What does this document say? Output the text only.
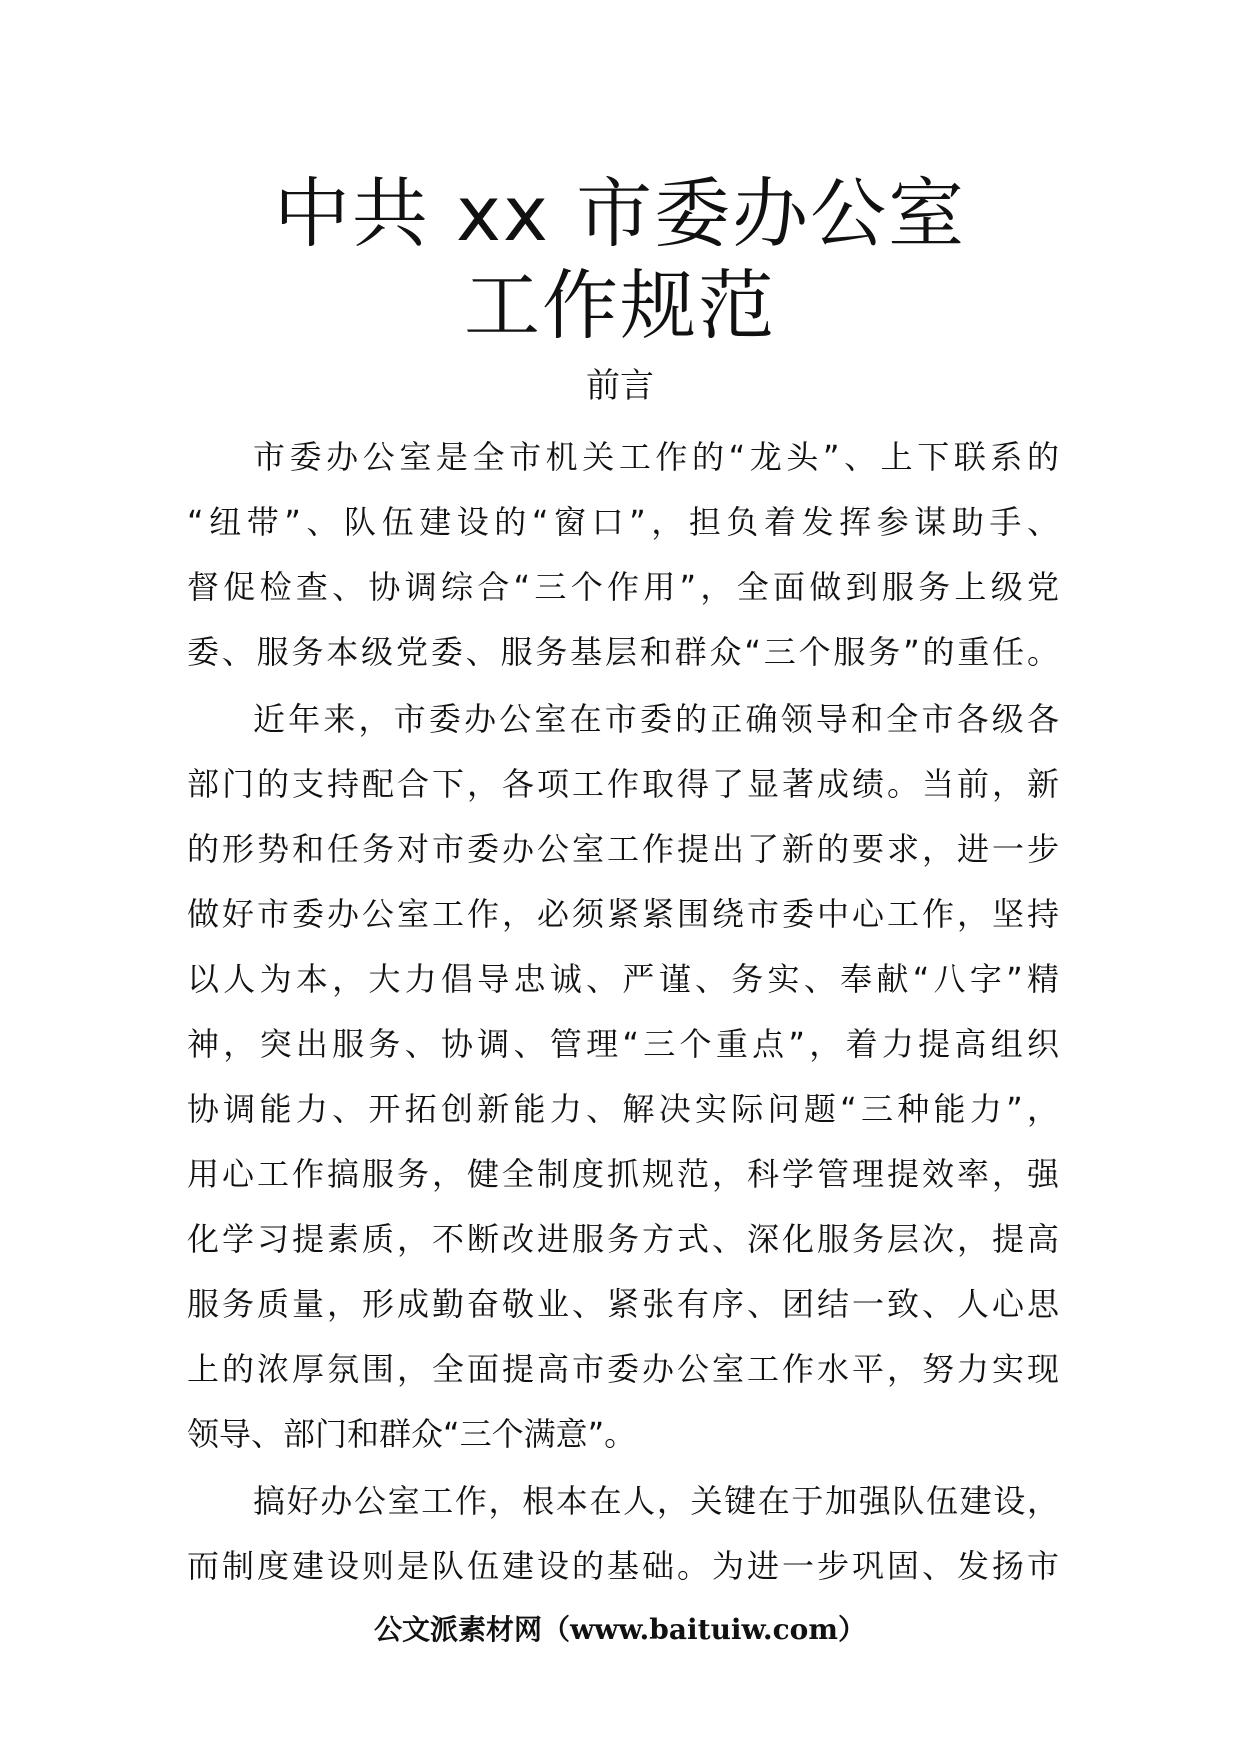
中共 xx 市委办公室
工作规范
前言
市委办公室是全市机关工作的“龙头”、上下联系的
“纽带”、队伍建设的“窗口”，担负着发挥参谋助手、
督促检查、协调综合“三个作用”，全面做到服务上级党
委、服务本级党委、服务基层和群众“三个服务”的重任。
近年来，市委办公室在市委的正确领导和全市各级各
部门的支持配合下，各项工作取得了显著成绩。当前，新
的形势和任务对市委办公室工作提出了新的要求，进一步
做好市委办公室工作，必须紧紧围绕市委中心工作，坚持
以人为本，大力倡导忠诚、严谨、务实、奉献“八字”精
神，突出服务、协调、管理“三个重点”，着力提高组织
协调能力、开拓创新能力、解决实际问题“三种能力”，
用心工作搞服务，健全制度抓规范，科学管理提效率，强
化学习提素质，不断改进服务方式、深化服务层次，提高
服务质量，形成勤奋敬业、紧张有序、团结一致、人心思
上的浓厚氛围，全面提高市委办公室工作水平，努力实现
领导、部门和群众“三个满意”。
搞好办公室工作，根本在人，关键在于加强队伍建设，
而制度建设则是队伍建设的基础。为进一步巩固、发扬市
公文派素材网（www.baituiw.com）
